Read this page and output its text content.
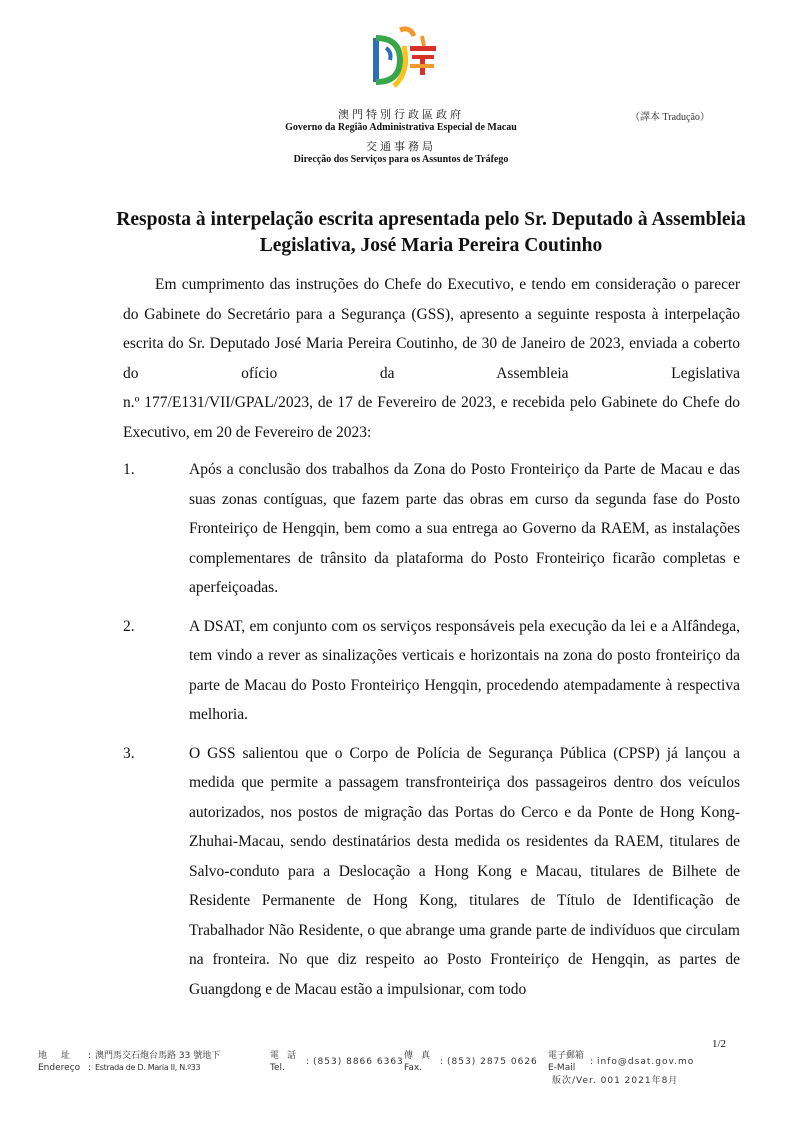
澳門特別行政區政府
Governo da Região Administrativa Especial de Macau
交通事務局
Direcção dos Serviços para os Assuntos de Tráfego
（譯本 Tradução）
Resposta à interpelação escrita apresentada pelo Sr. Deputado à Assembleia Legislativa, José Maria Pereira Coutinho
Em cumprimento das instruções do Chefe do Executivo, e tendo em consideração o parecer do Gabinete do Secretário para a Segurança (GSS), apresento a seguinte resposta à interpelação escrita do Sr. Deputado José Maria Pereira Coutinho, de 30 de Janeiro de 2023, enviada a coberto do ofício da Assembleia Legislativa
n.º 177/E131/VII/GPAL/2023, de 17 de Fevereiro de 2023, e recebida pelo Gabinete do Chefe do Executivo, em 20 de Fevereiro de 2023:
1.	Após a conclusão dos trabalhos da Zona do Posto Fronteiriço da Parte de Macau e das suas zonas contíguas, que fazem parte das obras em curso da segunda fase do Posto Fronteiriço de Hengqin, bem como a sua entrega ao Governo da RAEM, as instalações complementares de trânsito da plataforma do Posto Fronteiriço ficarão completas e aperfeiçoadas.
2.	A DSAT, em conjunto com os serviços responsáveis pela execução da lei e a Alfândega, tem vindo a rever as sinalizações verticais e horizontais na zona do posto fronteiriço da parte de Macau do Posto Fronteiriço Hengqin, procedendo atempadamente à respectiva melhoria.
3.	O GSS salientou que o Corpo de Polícia de Segurança Pública (CPSP) já lançou a medida que permite a passagem transfronteiriça dos passageiros dentro dos veículos autorizados, nos postos de migração das Portas do Cerco e da Ponte de Hong Kong-Zhuhai-Macau, sendo destinatários desta medida os residentes da RAEM, titulares de Salvo-conduto para a Deslocação a Hong Kong e Macau, titulares de Bilhete de Residente Permanente de Hong Kong, titulares de Título de Identificação de Trabalhador Não Residente, o que abrange uma grande parte de indivíduos que circulam na fronteira. No que diz respeito ao Posto Fronteiriço de Hengqin, as partes de Guangdong e de Macau estão a impulsionar, com todo
1/2
地址
Endereço
:
:
澳門馬交石炮台馬路 33 號地下
Estrada de D. Maria II, N.º33
電話
Tel.
: (853) 8866 6363
傳真
Fax.
: (853) 2875 0626
電子郵箱
E-Mail
: info@dsat.gov.mo
版次/Ver. 001 2021年8月
